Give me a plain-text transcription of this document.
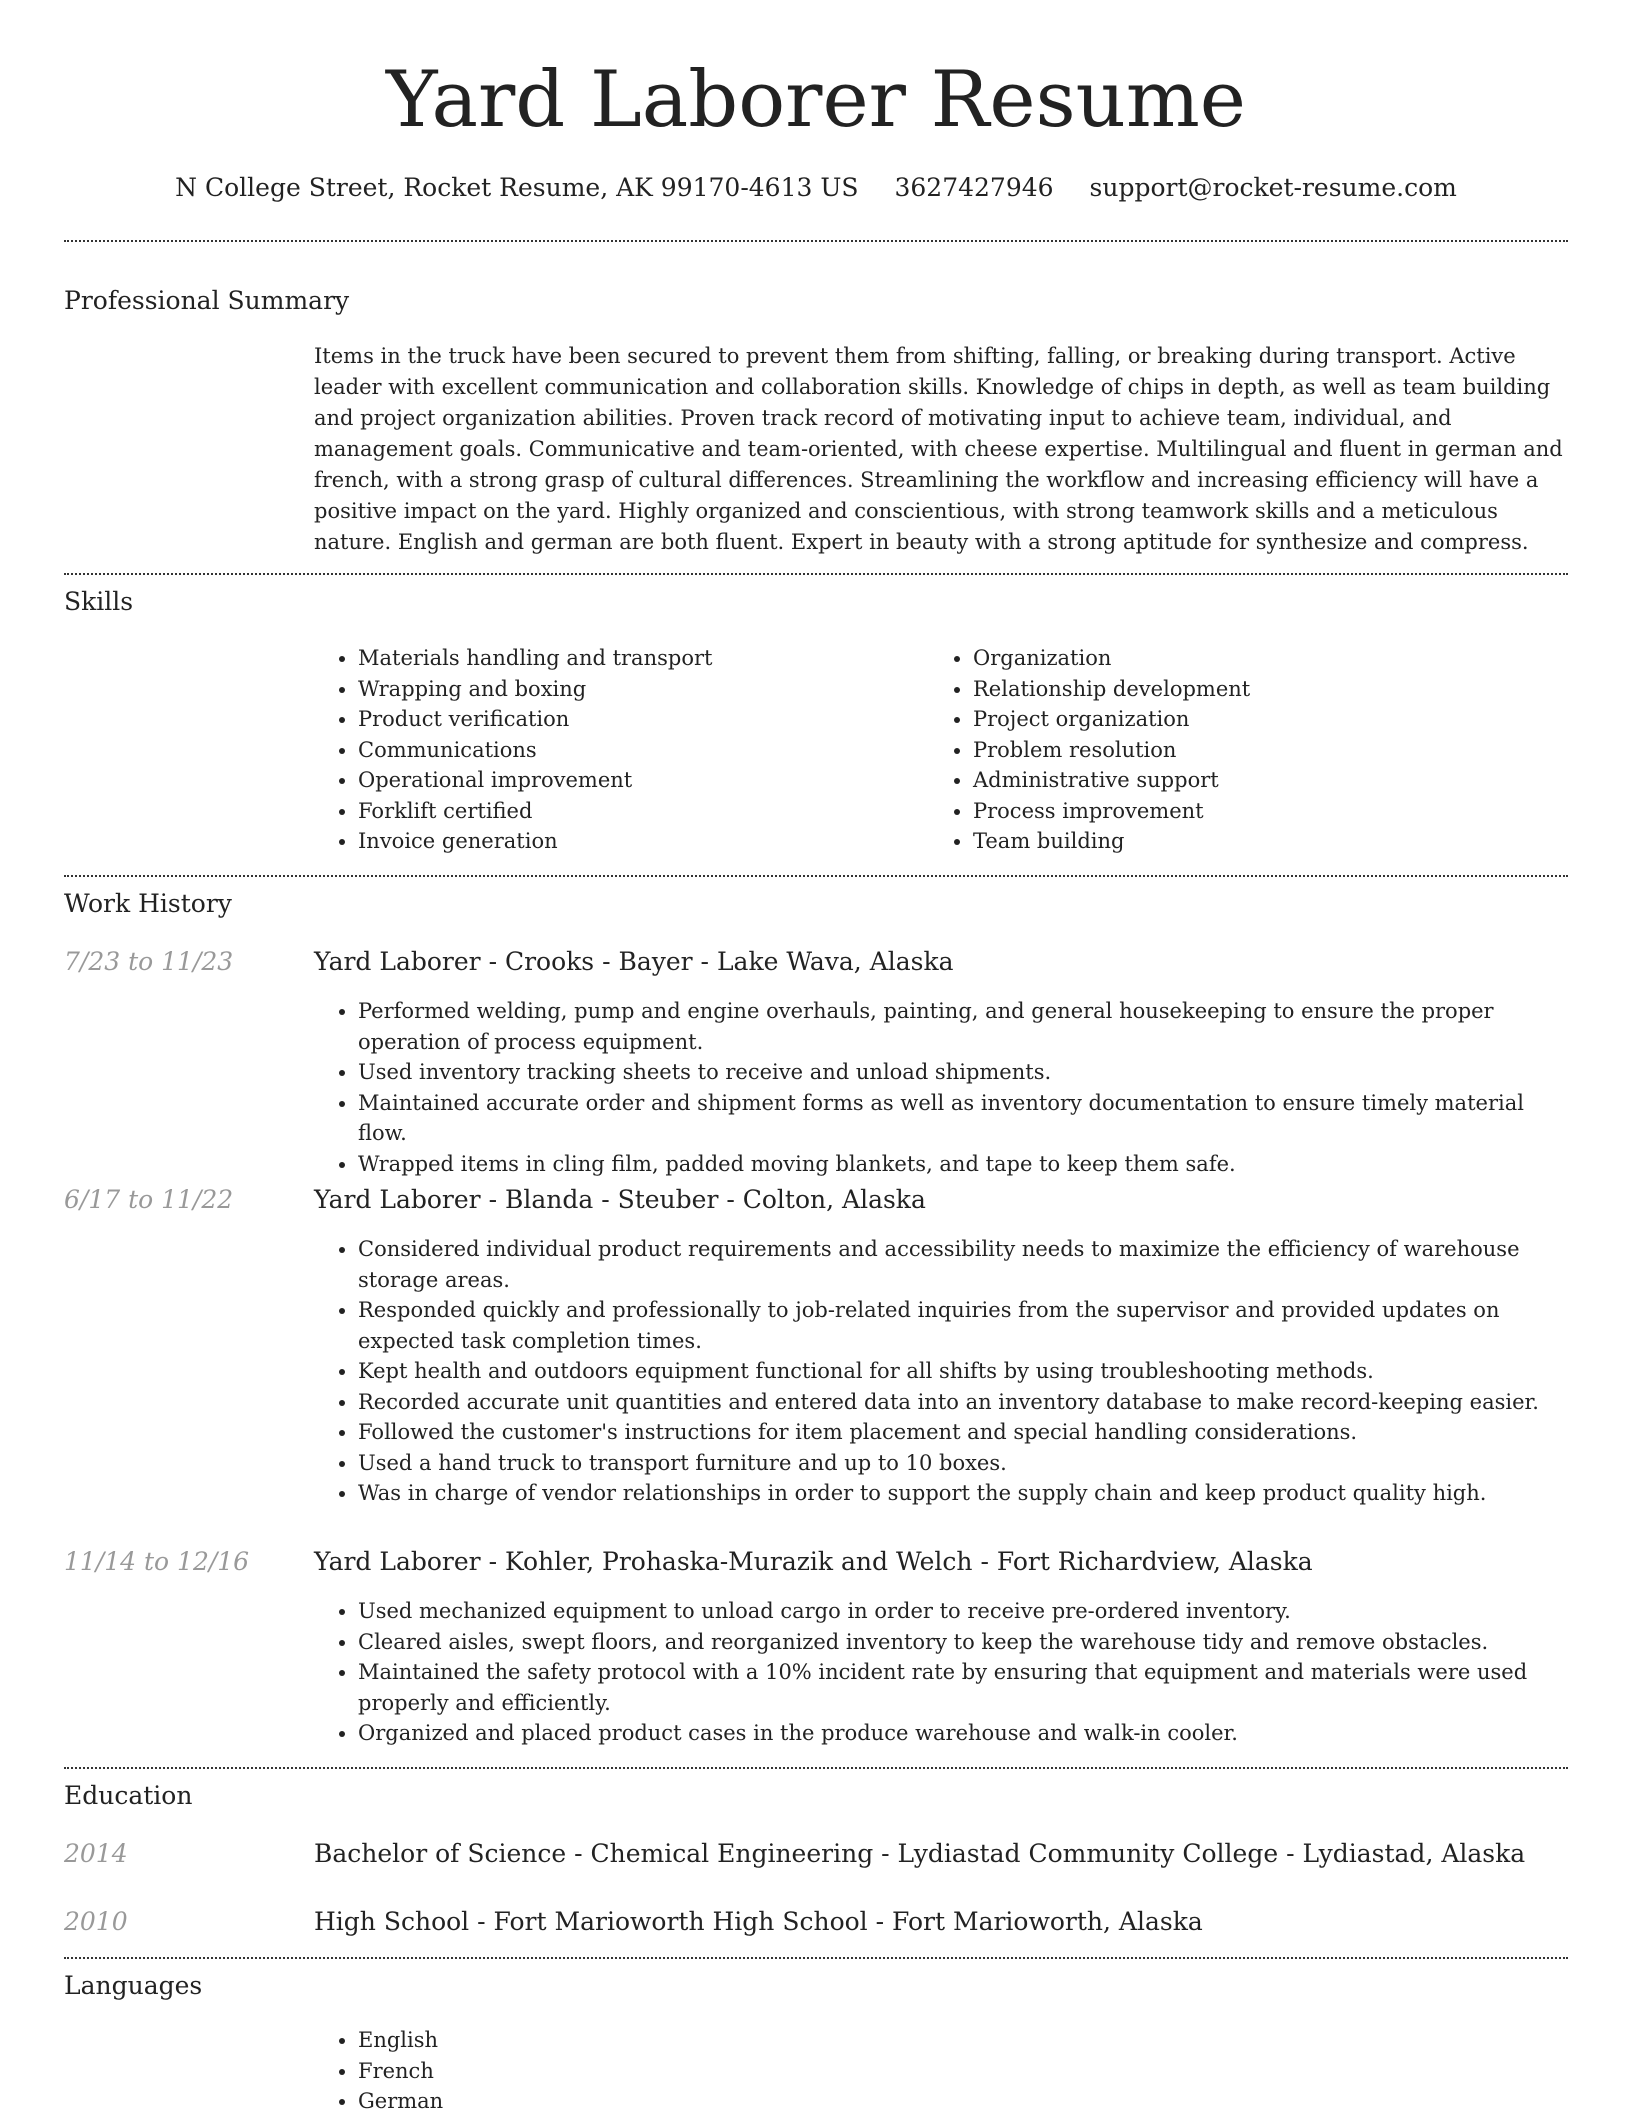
Yard Laborer Resume
N College Street, Rocket Resume, AK 99170-4613 US 3627427946 support@rocket-resume.com
Professional Summary

Items in the truck have been secured to prevent them from shifting, falling, or breaking during transport. Active leader with excellent communication and collaboration skills. Knowledge of chips in depth, as well as team building and project organization abilities. Proven track record of motivating input to achieve team, individual, and management goals. Communicative and team-oriented, with cheese expertise. Multilingual and fluent in german and french, with a strong grasp of cultural differences. Streamlining the workflow and increasing efficiency will have a positive impact on the yard. Highly organized and conscientious, with strong teamwork skills and a meticulous nature. English and german are both fluent. Expert in beauty with a strong aptitude for synthesize and compress.

Skills
Materials handling and transport
Wrapping and boxing
Product verification
Communications
Operational improvement
Forklift certified
Invoice generation
Organization
Relationship development
Project organization
Problem resolution
Administrative support
Process improvement
Team building
Work History
7/23 to 11/23	Yard Laborer - Crooks - Bayer - Lake Wava, Alaska
Performed welding, pump and engine overhauls, painting, and general housekeeping to ensure the proper operation of process equipment.
Used inventory tracking sheets to receive and unload shipments.
Maintained accurate order and shipment forms as well as inventory documentation to ensure timely material flow.
Wrapped items in cling film, padded moving blankets, and tape to keep them safe.
6/17 to 11/22	Yard Laborer - Blanda - Steuber - Colton, Alaska
Considered individual product requirements and accessibility needs to maximize the efficiency of warehouse storage areas.
Responded quickly and professionally to job-related inquiries from the supervisor and provided updates on expected task completion times.
Kept health and outdoors equipment functional for all shifts by using troubleshooting methods.
Recorded accurate unit quantities and entered data into an inventory database to make record-keeping easier.
Followed the customer's instructions for item placement and special handling considerations.
Used a hand truck to transport furniture and up to 10 boxes.
Was in charge of vendor relationships in order to support the supply chain and keep product quality high.
11/14 to 12/16	Yard Laborer - Kohler, Prohaska-Murazik and Welch - Fort Richardview, Alaska
Used mechanized equipment to unload cargo in order to receive pre-ordered inventory.
Cleared aisles, swept floors, and reorganized inventory to keep the warehouse tidy and remove obstacles.
Maintained the safety protocol with a 10% incident rate by ensuring that equipment and materials were used properly and efficiently.
Organized and placed product cases in the produce warehouse and walk-in cooler.
Education
2014	Bachelor of Science - Chemical Engineering - Lydiastad Community College - Lydiastad, Alaska
2010	High School - Fort Marioworth High School - Fort Marioworth, Alaska
Languages
English
French
German
